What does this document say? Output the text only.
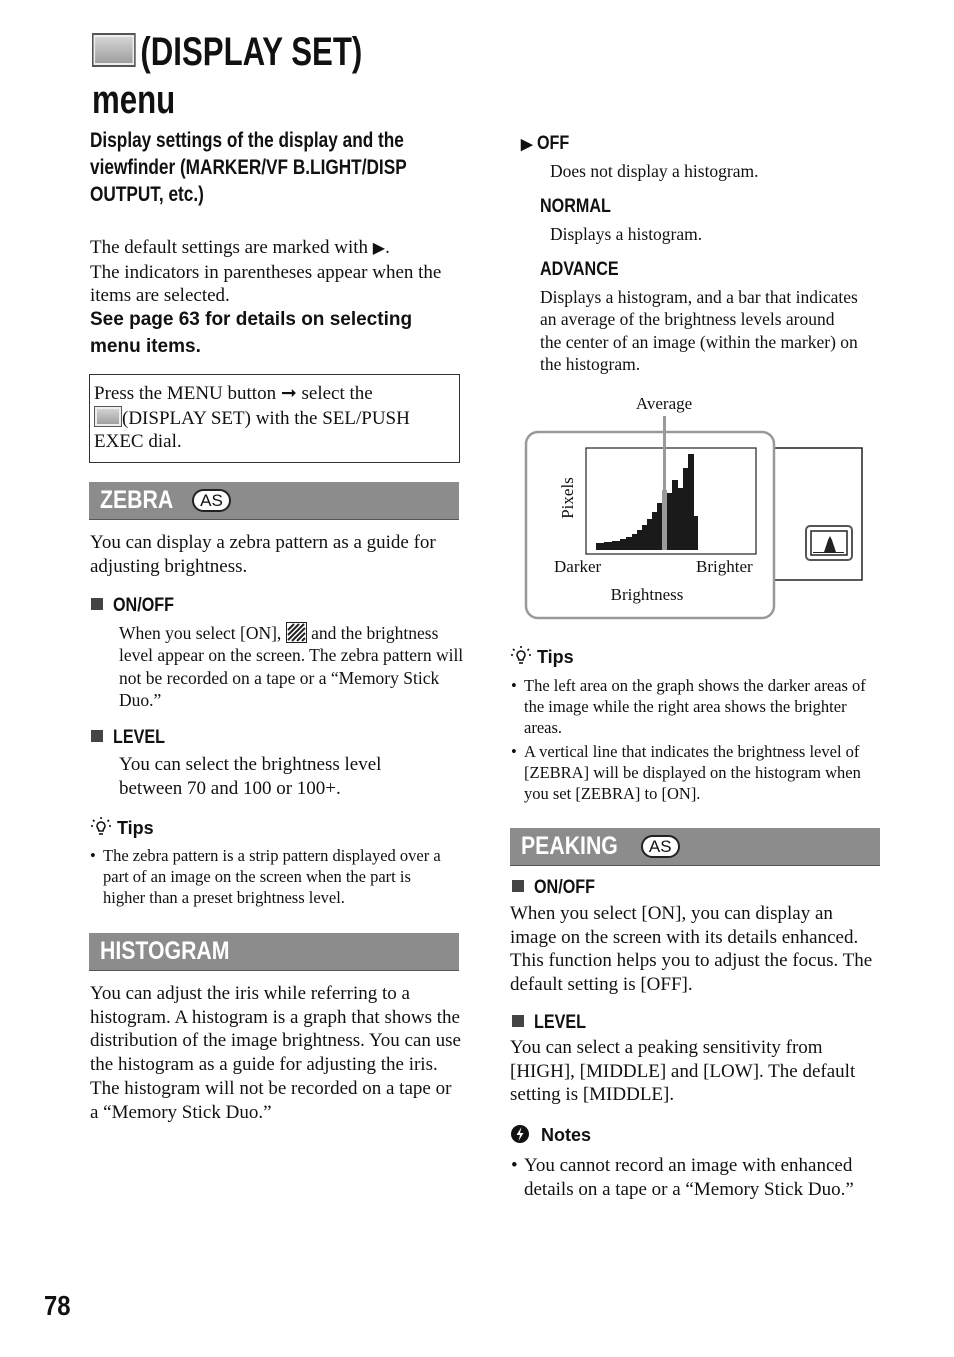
(DISPLAY SET)
menu
Display settings of the display and the viewfinder (MARKER/VF B.LIGHT/DISP OUTPUT, etc.)
The default settings are marked with ▶.
The indicators in parentheses appear when the items are selected.
See page 63 for details on selecting menu items.
Press the MENU button ➞ select the
(DISPLAY SET) with the SEL/PUSH EXEC dial.
ZEBRA AS
You can display a zebra pattern as a guide for adjusting brightness.
ON/OFF
When you select [ON],  and the brightness level appear on the screen. The zebra pattern will not be recorded on a tape or a “Memory Stick Duo.”
LEVEL
You can select the brightness level between 70 and 100 or 100+.
Tips
• The zebra pattern is a strip pattern displayed over a part of an image on the screen when the part is higher than a preset brightness level.
HISTOGRAM
You can adjust the iris while referring to a histogram. A histogram is a graph that shows the distribution of the image brightness. You can use the histogram as a guide for adjusting the iris. The histogram will not be recorded on a tape or a “Memory Stick Duo.”
▶ OFF
Does not display a histogram.
NORMAL
Displays a histogram.
ADVANCE
Displays a histogram, and a bar that indicates an average of the brightness levels around the center of an image (within the marker) on the histogram.
Average
Pixels
Darker	Brighter
Brightness
Tips
• The left area on the graph shows the darker areas of the image while the right area shows the brighter areas.
• A vertical line that indicates the brightness level of [ZEBRA] will be displayed on the histogram when you set [ZEBRA] to [ON].
PEAKING AS
ON/OFF
When you select [ON], you can display an image on the screen with its details enhanced. This function helps you to adjust the focus. The default setting is [OFF].
LEVEL
You can select a peaking sensitivity from [HIGH], [MIDDLE] and [LOW]. The default setting is [MIDDLE].
Notes
• You cannot record an image with enhanced details on a tape or a “Memory Stick Duo.”
78
